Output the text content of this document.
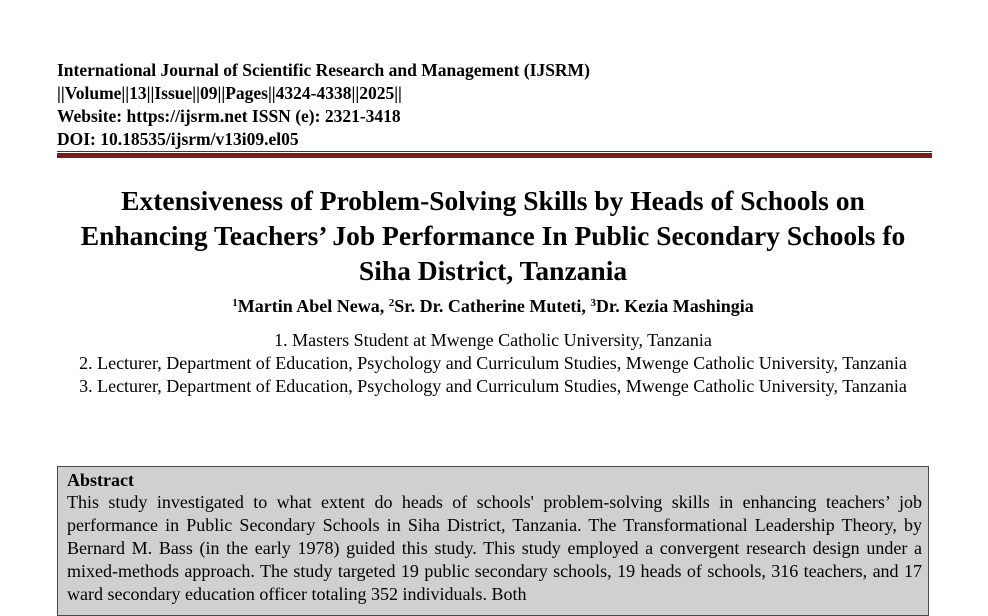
International Journal of Scientific Research and Management (IJSRM)
||Volume||13||Issue||09||Pages||4324-4338||2025||
Website: https://ijsrm.net ISSN (e): 2321-3418
DOI: 10.18535/ijsrm/v13i09.el05
Extensiveness of Problem-Solving Skills by Heads of Schools on Enhancing Teachers’ Job Performance In Public Secondary Schools fo Siha District, Tanzania
$^1$Martin Abel Newa, $^2$Sr. Dr. Catherine Muteti, $^3$Dr. Kezia Mashingia
1. Masters Student at Mwenge Catholic University, Tanzania
2. Lecturer, Department of Education, Psychology and Curriculum Studies, Mwenge Catholic University, Tanzania
3. Lecturer, Department of Education, Psychology and Curriculum Studies, Mwenge Catholic University, Tanzania

Abstract

This study investigated to what extent do heads of schools' problem-solving skills in enhancing teachers’ job performance in Public Secondary Schools in Siha District, Tanzania. The Transformational Leadership Theory, by Bernard M. Bass (in the early 1978) guided this study. This study employed a convergent research design under a mixed-methods approach. The study targeted 19 public secondary schools, 19 heads of schools, 316 teachers, and 17 ward secondary education officer totaling 352 individuals. Both
